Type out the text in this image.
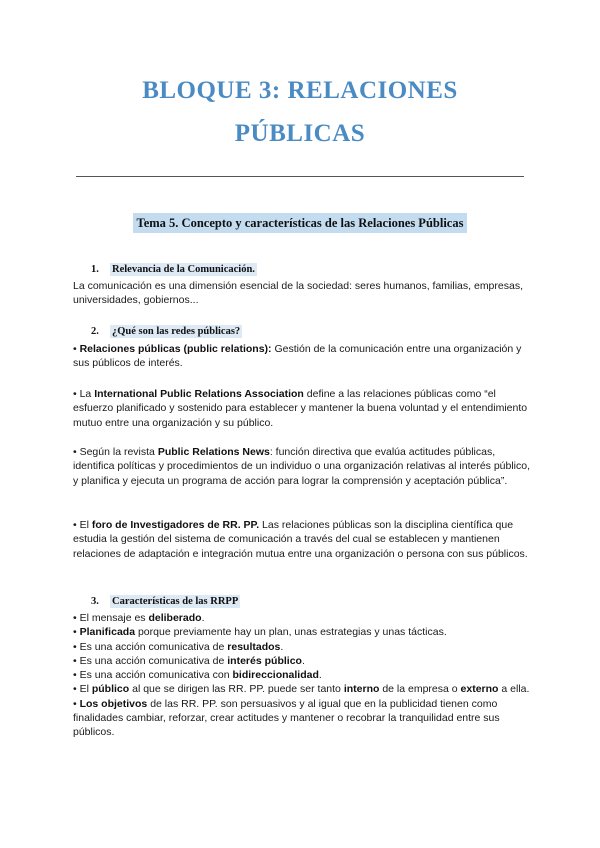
BLOQUE 3: RELACIONES
PÚBLICAS
Tema 5. Concepto y características de las Relaciones Públicas
1. Relevancia de la Comunicación.

La comunicación es una dimensión esencial de la sociedad: seres humanos, familias, empresas, universidades, gobiernos...

2. ¿Qué son las redes públicas?

• Relaciones públicas (public relations): Gestión de la comunicación entre una organización y sus públicos de interés.

• La International Public Relations Association define a las relaciones públicas como “el esfuerzo planificado y sostenido para establecer y mantener la buena voluntad y el entendimiento mutuo entre una organización y su público.

• Según la revista Public Relations News: función directiva que evalúa actitudes públicas, identifica políticas y procedimientos de un individuo o una organización relativas al interés público, y planifica y ejecuta un programa de acción para lograr la comprensión y aceptación pública”.

• El foro de Investigadores de RR. PP. Las relaciones públicas son la disciplina científica que estudia la gestión del sistema de comunicación a través del cual se establecen y mantienen relaciones de adaptación e integración mutua entre una organización o persona con sus públicos.

3. Características de las RRPP

• El mensaje es deliberado.

• Planificada porque previamente hay un plan, unas estrategias y unas tácticas.

• Es una acción comunicativa de resultados.

• Es una acción comunicativa de interés público.

• Es una acción comunicativa con bidireccionalidad.

• El público al que se dirigen las RR. PP. puede ser tanto interno de la empresa o externo a ella.

• Los objetivos de las RR. PP. son persuasivos y al igual que en la publicidad tienen como finalidades cambiar, reforzar, crear actitudes y mantener o recobrar la tranquilidad entre sus públicos.
